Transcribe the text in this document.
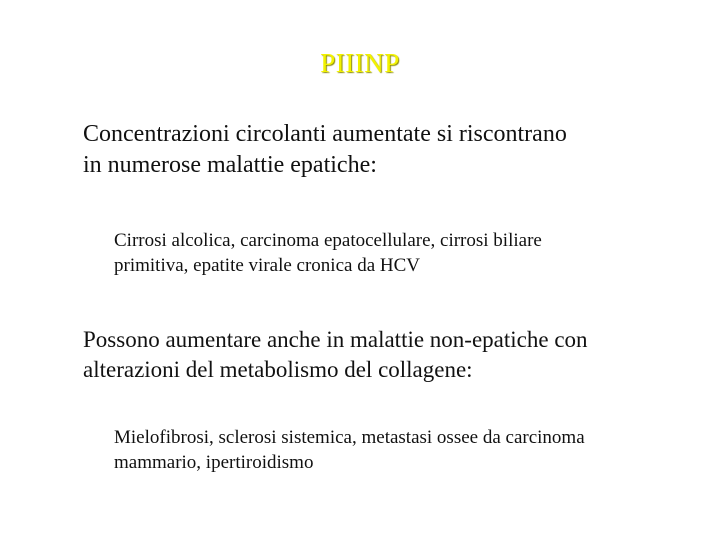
PIIINP

Concentrazioni circolanti aumentate si riscontrano
in numerose malattie epatiche:

Cirrosi alcolica, carcinoma epatocellulare, cirrosi biliare
primitiva, epatite virale cronica da HCV

Possono aumentare anche in malattie non-epatiche con
alterazioni del metabolismo del collagene:

Mielofibrosi, sclerosi sistemica, metastasi ossee da carcinoma
mammario, ipertiroidismo
